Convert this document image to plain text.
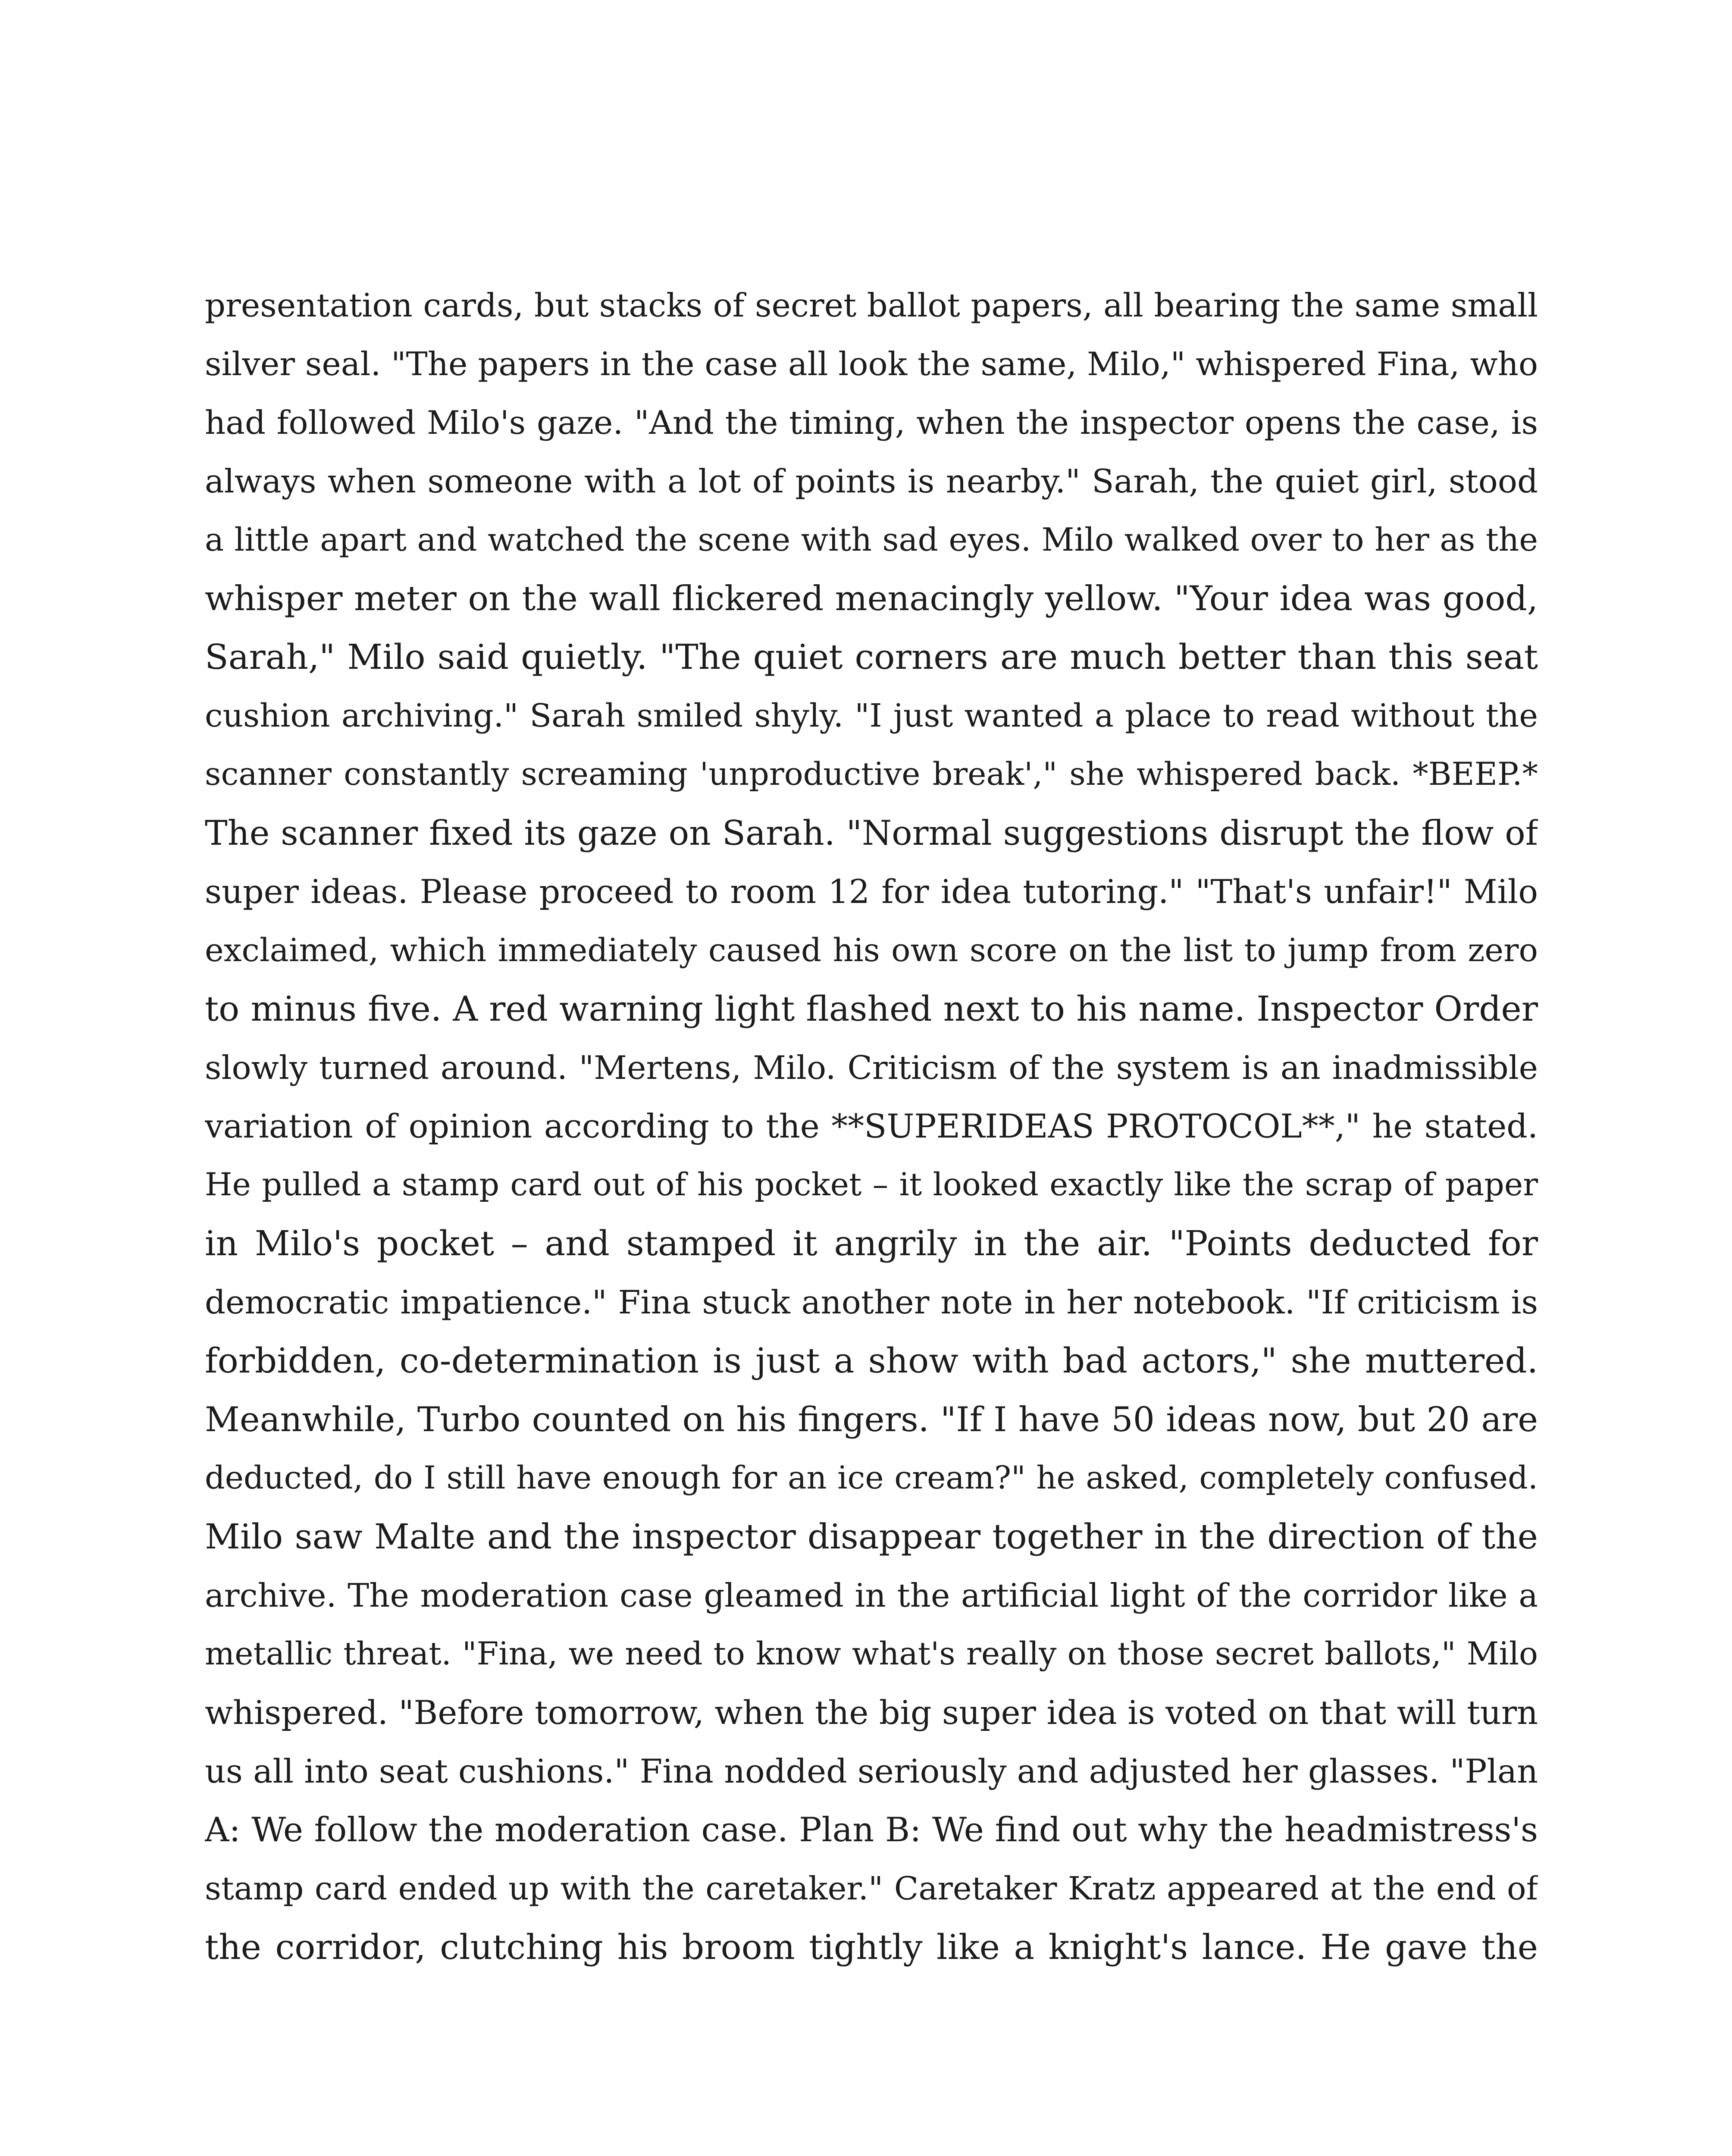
presentation cards, but stacks of secret ballot papers, all bearing the same small
silver seal. "The papers in the case all look the same, Milo," whispered Fina, who
had followed Milo's gaze. "And the timing, when the inspector opens the case, is
always when someone with a lot of points is nearby." Sarah, the quiet girl, stood
a little apart and watched the scene with sad eyes. Milo walked over to her as the
whisper meter on the wall flickered menacingly yellow. "Your idea was good,
Sarah," Milo said quietly. "The quiet corners are much better than this seat
cushion archiving." Sarah smiled shyly. "I just wanted a place to read without the
scanner constantly screaming 'unproductive break'," she whispered back. *BEEP.*
The scanner fixed its gaze on Sarah. "Normal suggestions disrupt the flow of
super ideas. Please proceed to room 12 for idea tutoring." "That's unfair!" Milo
exclaimed, which immediately caused his own score on the list to jump from zero
to minus five. A red warning light flashed next to his name. Inspector Order
slowly turned around. "Mertens, Milo. Criticism of the system is an inadmissible
variation of opinion according to the **SUPERIDEAS PROTOCOL**," he stated.
He pulled a stamp card out of his pocket – it looked exactly like the scrap of paper
in Milo's pocket – and stamped it angrily in the air. "Points deducted for
democratic impatience." Fina stuck another note in her notebook. "If criticism is
forbidden, co-determination is just a show with bad actors," she muttered.
Meanwhile, Turbo counted on his fingers. "If I have 50 ideas now, but 20 are
deducted, do I still have enough for an ice cream?" he asked, completely confused.
Milo saw Malte and the inspector disappear together in the direction of the
archive. The moderation case gleamed in the artificial light of the corridor like a
metallic threat. "Fina, we need to know what's really on those secret ballots," Milo
whispered. "Before tomorrow, when the big super idea is voted on that will turn
us all into seat cushions." Fina nodded seriously and adjusted her glasses. "Plan
A: We follow the moderation case. Plan B: We find out why the headmistress's
stamp card ended up with the caretaker." Caretaker Kratz appeared at the end of
the corridor, clutching his broom tightly like a knight's lance. He gave the
